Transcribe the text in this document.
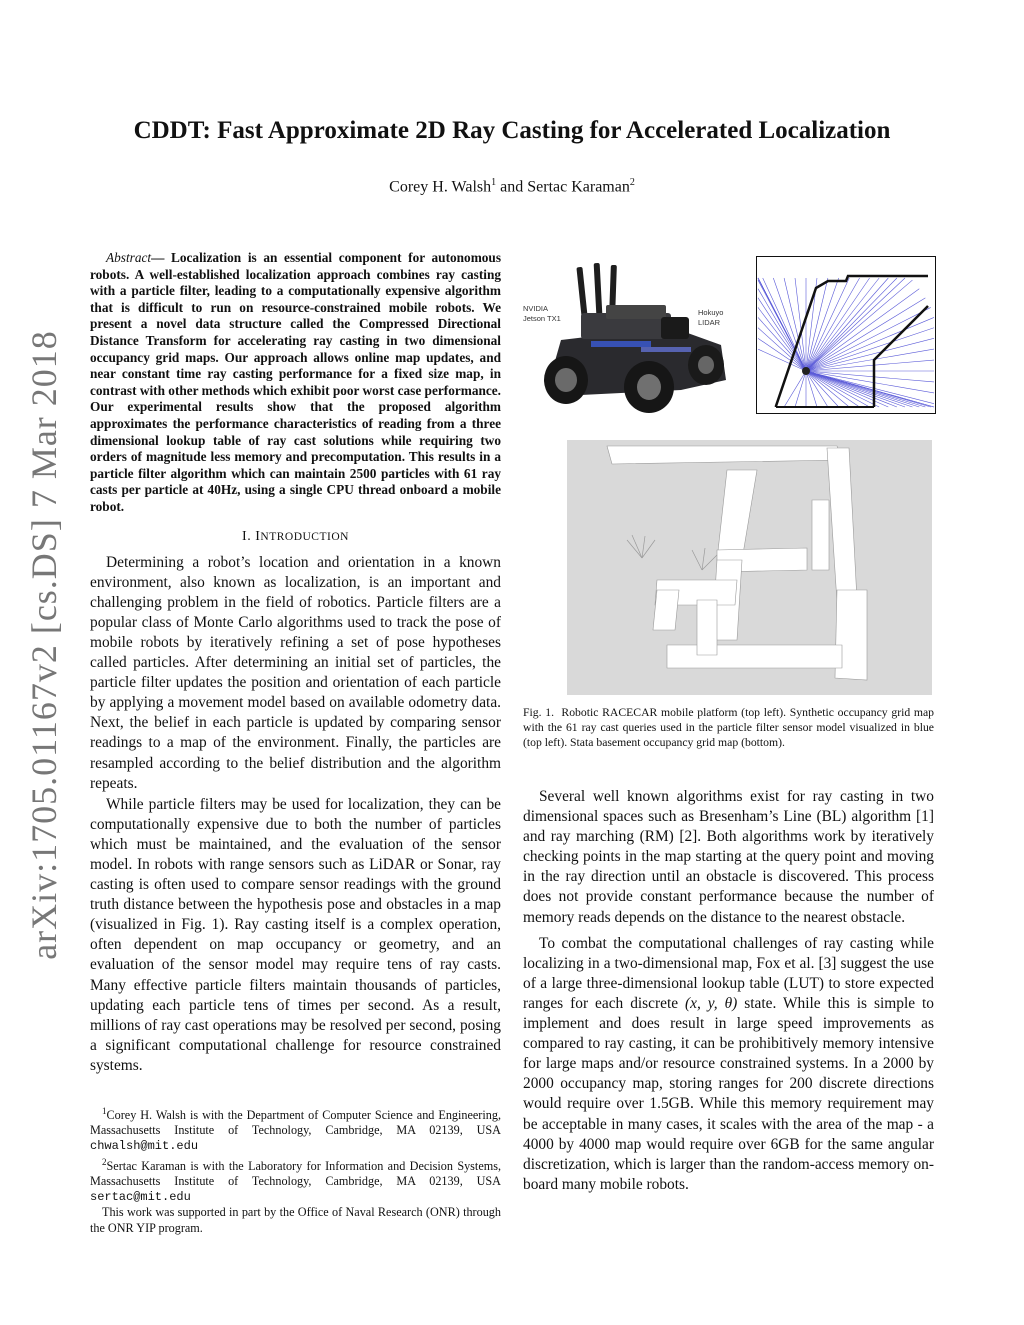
arXiv:1705.01167v2 [cs.DS] 7 Mar 2018
CDDT: Fast Approximate 2D Ray Casting for Accelerated Localization
Corey H. Walsh$^1$ and Sertac Karaman$^2$

Abstract— Localization is an essential component for autonomous robots. A well-established localization approach combines ray casting with a particle filter, leading to a computationally expensive algorithm that is difficult to run on resource-constrained mobile robots. We present a novel data structure called the Compressed Directional Distance Transform for accelerating ray casting in two dimensional occupancy grid maps. Our approach allows online map updates, and near constant time ray casting performance for a fixed size map, in contrast with other methods which exhibit poor worst case performance. Our experimental results show that the proposed algorithm approximates the performance characteristics of reading from a three dimensional lookup table of ray cast solutions while requiring two orders of magnitude less memory and precomputation. This results in a particle filter algorithm which can maintain 2500 particles with 61 ray casts per particle at 40Hz, using a single CPU thread onboard a mobile robot.

I. INTRODUCTION

Determining a robot’s location and orientation in a known environment, also known as localization, is an important and challenging problem in the field of robotics. Particle filters are a popular class of Monte Carlo algorithms used to track the pose of mobile robots by iteratively refining a set of pose hypotheses called particles. After determining an initial set of particles, the particle filter updates the position and orientation of each particle by applying a movement model based on available odometry data. Next, the belief in each particle is updated by comparing sensor readings to a map of the environment. Finally, the particles are resampled according to the belief distribution and the algorithm repeats.

While particle filters may be used for localization, they can be computationally expensive due to both the number of particles which must be maintained, and the evaluation of the sensor model. In robots with range sensors such as LiDAR or Sonar, ray casting is often used to compare sensor readings with the ground truth distance between the hypothesis pose and obstacles in a map (visualized in Fig. 1). Ray casting itself is a complex operation, often dependent on map occupancy or geometry, and an evaluation of the sensor model may require tens of ray casts. Many effective particle filters maintain thousands of particles, updating each particle tens of times per second. As a result, millions of ray cast operations may be resolved per second, posing a significant computational challenge for resource constrained systems.

$^1$Corey H. Walsh is with the Department of Computer Science and Engineering, Massachusetts Institute of Technology, Cambridge, MA 02139, USA chwalsh@mit.edu

$^2$Sertac Karaman is with the Laboratory for Information and Decision Systems, Massachusetts Institute of Technology, Cambridge, MA 02139, USA sertac@mit.edu

This work was supported in part by the Office of Naval Research (ONR) through the ONR YIP program.

NVIDIA
Jetson TX1
Hokuyo
LIDAR
Fig. 1. Robotic RACECAR mobile platform (top left). Synthetic occupancy grid map with the 61 ray cast queries used in the particle filter sensor model visualized in blue (top left). Stata basement occupancy grid map (bottom).

Several well known algorithms exist for ray casting in two dimensional spaces such as Bresenham’s Line (BL) algorithm [1] and ray marching (RM) [2]. Both algorithms work by iteratively checking points in the map starting at the query point and moving in the ray direction until an obstacle is discovered. This process does not provide constant performance because the number of memory reads depends on the distance to the nearest obstacle.

To combat the computational challenges of ray casting while localizing in a two-dimensional map, Fox et al. [3] suggest the use of a large three-dimensional lookup table (LUT) to store expected ranges for each discrete (x, y, θ) state. While this is simple to implement and does result in large speed improvements as compared to ray casting, it can be prohibitively memory intensive for large maps and/or resource constrained systems. In a 2000 by 2000 occupancy map, storing ranges for 200 discrete directions would require over 1.5GB. While this memory requirement may be acceptable in many cases, it scales with the area of the map - a 4000 by 4000 map would require over 6GB for the same angular discretization, which is larger than the random-access memory on-board many mobile robots.
